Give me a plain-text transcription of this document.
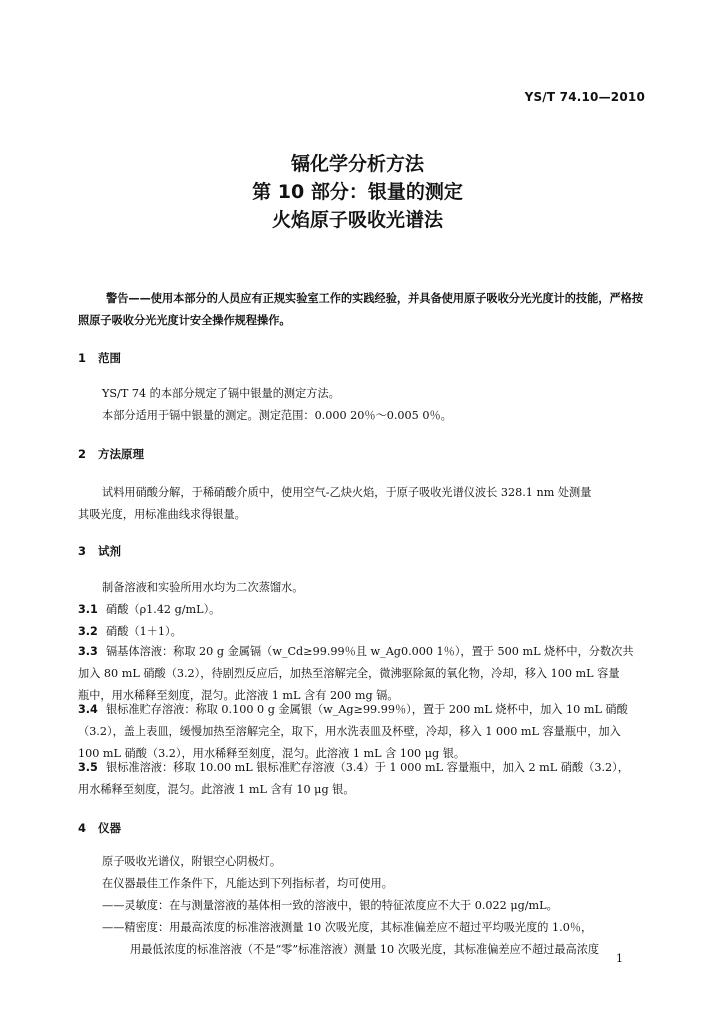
YS/T 74.10—2010
镉化学分析方法
第 10 部分：银量的测定
火焰原子吸收光谱法
警告——使用本部分的人员应有正规实验室工作的实践经验，并具备使用原子吸收分光光度计的技能，严格按照原子吸收分光光度计安全操作规程操作。
1 范围
YS/T 74 的本部分规定了镉中银量的测定方法。
本部分适用于镉中银量的测定。测定范围：0.000 20％～0.005 0％。
2 方法原理
试料用硝酸分解，于稀硝酸介质中，使用空气-乙炔火焰，于原子吸收光谱仪波长 328.1 nm 处测量
其吸光度，用标准曲线求得银量。
3 试剂
制备溶液和实验所用水均为二次蒸馏水。
3.1 硝酸（ρ1.42 g/mL）。
3.2 硝酸（1＋1）。
3.3 镉基体溶液：称取 20 g 金属镉（w_Cd≥99.99％且 w_Ag0.000 1％），置于 500 mL 烧杯中，分数次共
加入 80 mL 硝酸（3.2），待剧烈反应后，加热至溶解完全，微沸驱除氮的氧化物，冷却，移入 100 mL 容量
瓶中，用水稀释至刻度，混匀。此溶液 1 mL 含有 200 mg 镉。
3.4 银标准贮存溶液：称取 0.100 0 g 金属银（w_Ag≥99.99％），置于 200 mL 烧杯中，加入 10 mL 硝酸
（3.2），盖上表皿，缓慢加热至溶解完全，取下，用水洗表皿及杯壁，冷却，移入 1 000 mL 容量瓶中，加入
100 mL 硝酸（3.2），用水稀释至刻度，混匀。此溶液 1 mL 含 100 μg 银。
3.5 银标准溶液：移取 10.00 mL 银标准贮存溶液（3.4）于 1 000 mL 容量瓶中，加入 2 mL 硝酸（3.2），
用水稀释至刻度，混匀。此溶液 1 mL 含有 10 μg 银。
4 仪器
原子吸收光谱仪，附银空心阴极灯。
在仪器最佳工作条件下，凡能达到下列指标者，均可使用。
——灵敏度：在与测量溶液的基体相一致的溶液中，银的特征浓度应不大于 0.022 μg/mL。
——精密度：用最高浓度的标准溶液测量 10 次吸光度，其标准偏差应不超过平均吸光度的 1.0％，
用最低浓度的标准溶液（不是“零”标准溶液）测量 10 次吸光度，其标准偏差应不超过最高浓度
1
